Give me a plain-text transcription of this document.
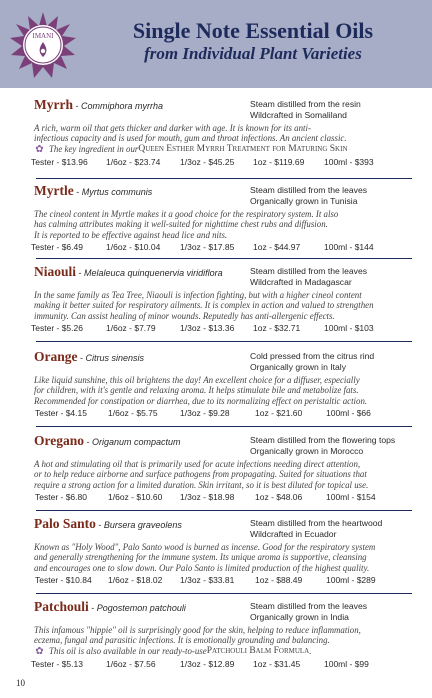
IMANI	Single Note Essential Oils
from Individual Plant Varieties
Myrrh - Commiphora myrrha	Steam distilled from the resin
Wildcrafted in Somaliland
A rich, warm oil that gets thicker and darker with age. It is known for its anti-
infectious capacity and is used for mouth, gum and throat infections. An ancient classic.
✿ The key ingredient in our Queen Esther Myrrh Treatment for Maturing Skin
Tester - $13.96 1/6oz - $23.74 1/3oz - $45.25 1oz - $119.69 100ml - $393
Myrtle - Myrtus communis	Steam distilled from the leaves
Organically grown in Tunisia
The cineol content in Myrtle makes it a good choice for the respiratory system. It also
has calming attributes making it well-suited for nighttime chest rubs and diffusion.
It is reported to be effective against head lice and nits.
Tester - $6.49	1/6oz - $10.04 1/3oz - $17.85 1oz - $44.97	100ml - $144
Niaouli - Melaleuca quinquenervia viridiflora	Steam distilled from the leaves
Wildcrafted in Madagascar
In the same family as Tea Tree, Niaouli is infection fighting, but with a higher cineol content
making it better suited for respiratory ailments. It is complex in action and valued to strengthen
immunity. Can assist healing of minor wounds. Reputedly has anti-allergenic effects.
Tester - $5.26	1/6oz - $7.79	1/3oz - $13.36 1oz - $32.71	100ml - $103
Orange - Citrus sinensis	Cold pressed from the citrus rind
Organically grown in Italy
Like liquid sunshine, this oil brightens the day! An excellent choice for a diffuser, especially
for children, with it's gentle and relaxing aroma. It helps stimulate bile and metabolize fats.
Recommended for constipation or diarrhea, due to its normalizing effect on peristaltic action.
Tester - $4.15 1/6oz - $5.75	1/3oz - $9.28	1oz - $21.60	100ml - $66
Oregano - Origanum compactum	Steam distilled from the flowering tops
Organically grown in Morocco
A hot and stimulating oil that is primarily used for acute infections needing direct attention,
or to help reduce airborne and surface pathogens from propagating. Suited for situations that
require a strong action for a limited duration. Skin irritant, so it is best diluted for topical use.
Tester - $6.80 1/6oz - $10.60 1/3oz - $18.98 1oz - $48.06	100ml - $154
Palo Santo - Bursera graveolens	Steam distilled from the heartwood
Wildcrafted in Ecuador
Known as "Holy Wood", Palo Santo wood is burned as incense. Good for the respiratory system
and generally strengthening for the immune system. Its unique aroma is supportive, cleansing
and encourages one to slow down. Our Palo Santo is limited production of the highest quality.
Tester - $10.84 1/6oz - $18.02 1/3oz - $33.81 1oz - $88.49	100ml - $289
Patchouli - Pogostemon patchouli	Steam distilled from the leaves
Organically grown in India
This infamous "hippie" oil is surprisingly good for the skin, helping to reduce inflammation,
eczema, fungal and parasitic infections. It is emotionally grounding and balancing.
✿ This oil is also available in our ready-to-use Patchouli Balm Formula .
Tester - $5.13	1/6oz - $7.56	1/3oz - $12.89 1oz - $31.45	100ml - $99
10
